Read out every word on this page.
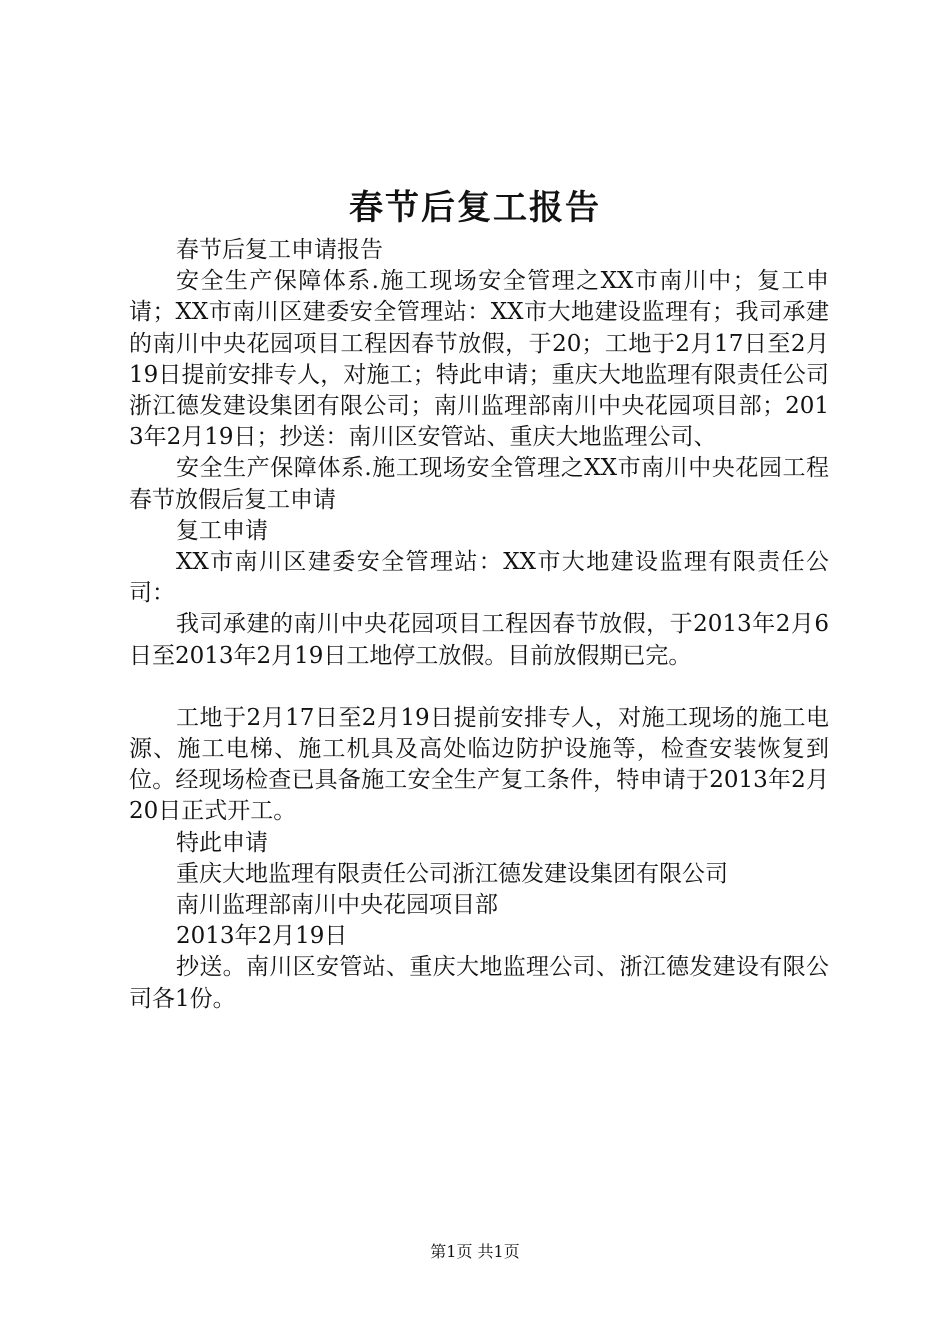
春节后复工报告

春节后复工申请报告

安全生产保障体系.施工现场安全管理之XX市南川中；复工申请；XX市南川区建委安全管理站：XX市大地建设监理有；我司承建的南川中央花园项目工程因春节放假，于20；工地于2月17日至2月19日提前安排专人，对施工；特此申请；重庆大地监理有限责任公司浙江德发建设集团有限公司；南川监理部南川中央花园项目部；2013年2月19日；抄送：南川区安管站、重庆大地监理公司、

安全生产保障体系.施工现场安全管理之XX市南川中央花园工程春节放假后复工申请

复工申请

XX市南川区建委安全管理站：XX市大地建设监理有限责任公司：

我司承建的南川中央花园项目工程因春节放假，于2013年2月6日至2013年2月19日工地停工放假。目前放假期已完。

工地于2月17日至2月19日提前安排专人，对施工现场的施工电源、施工电梯、施工机具及高处临边防护设施等，检查安装恢复到位。经现场检查已具备施工安全生产复工条件，特申请于2013年2月20日正式开工。

特此申请

重庆大地监理有限责任公司浙江德发建设集团有限公司

南川监理部南川中央花园项目部

2013年2月19日

抄送。南川区安管站、重庆大地监理公司、浙江德发建设有限公司各1份。

第1页 共1页
